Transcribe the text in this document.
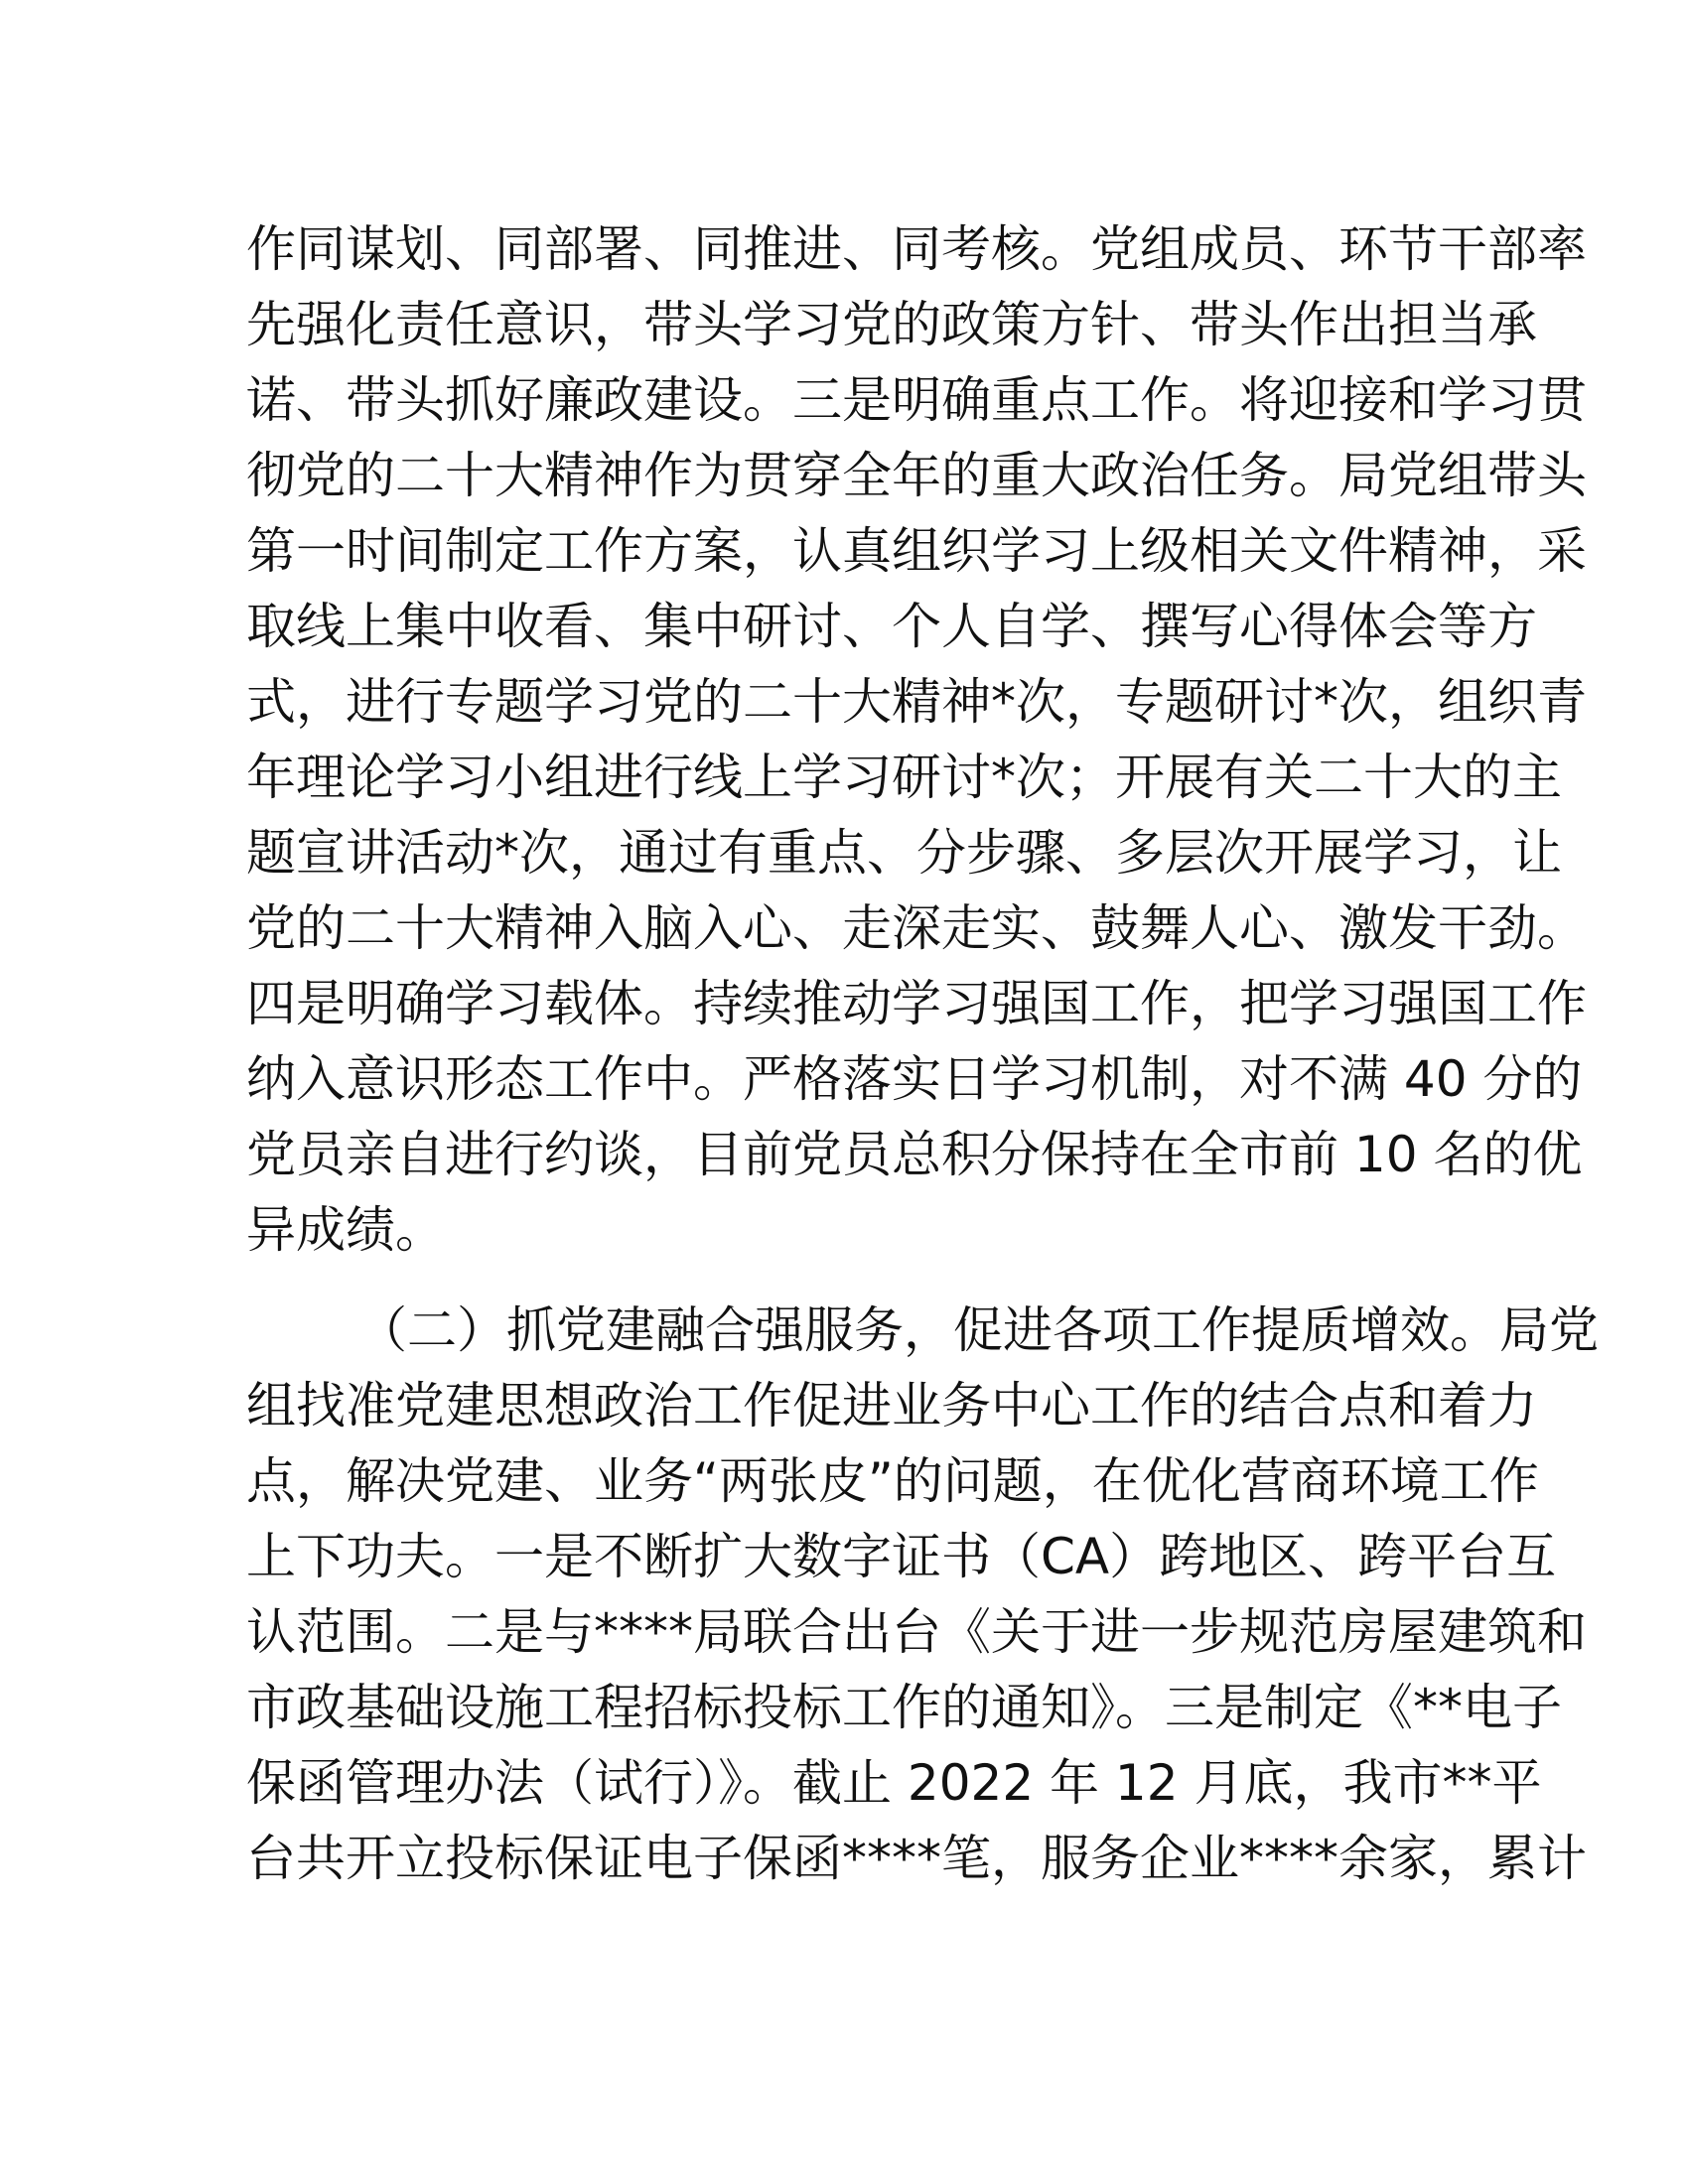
作同谋划、同部署、同推进、同考核。党组成员、环节干部率
先强化责任意识，带头学习党的政策方针、带头作出担当承
诺、带头抓好廉政建设。三是明确重点工作。将迎接和学习贯
彻党的二十大精神作为贯穿全年的重大政治任务。局党组带头
第一时间制定工作方案，认真组织学习上级相关文件精神，采
取线上集中收看、集中研讨、个人自学、撰写心得体会等方
式，进行专题学习党的二十大精神*次，专题研讨*次，组织青
年理论学习小组进行线上学习研讨*次；开展有关二十大的主
题宣讲活动*次，通过有重点、分步骤、多层次开展学习，让
党的二十大精神入脑入心、走深走实、鼓舞人心、激发干劲。
四是明确学习载体。持续推动学习强国工作，把学习强国工作
纳入意识形态工作中。严格落实日学习机制，对不满 40 分的
党员亲自进行约谈，目前党员总积分保持在全市前 10 名的优
异成绩。
（二）抓党建融合强服务，促进各项工作提质增效。局党
组找准党建思想政治工作促进业务中心工作的结合点和着力
点，解决党建、业务“两张皮”的问题，在优化营商环境工作
上下功夫。一是不断扩大数字证书（CA）跨地区、跨平台互
认范围。二是与****局联合出台《关于进一步规范房屋建筑和
市政基础设施工程招标投标工作的通知》。三是制定《**电子
保函管理办法（试行）》。截止 2022 年 12 月底，我市**平
台共开立投标保证电子保函****笔，服务企业****余家，累计
